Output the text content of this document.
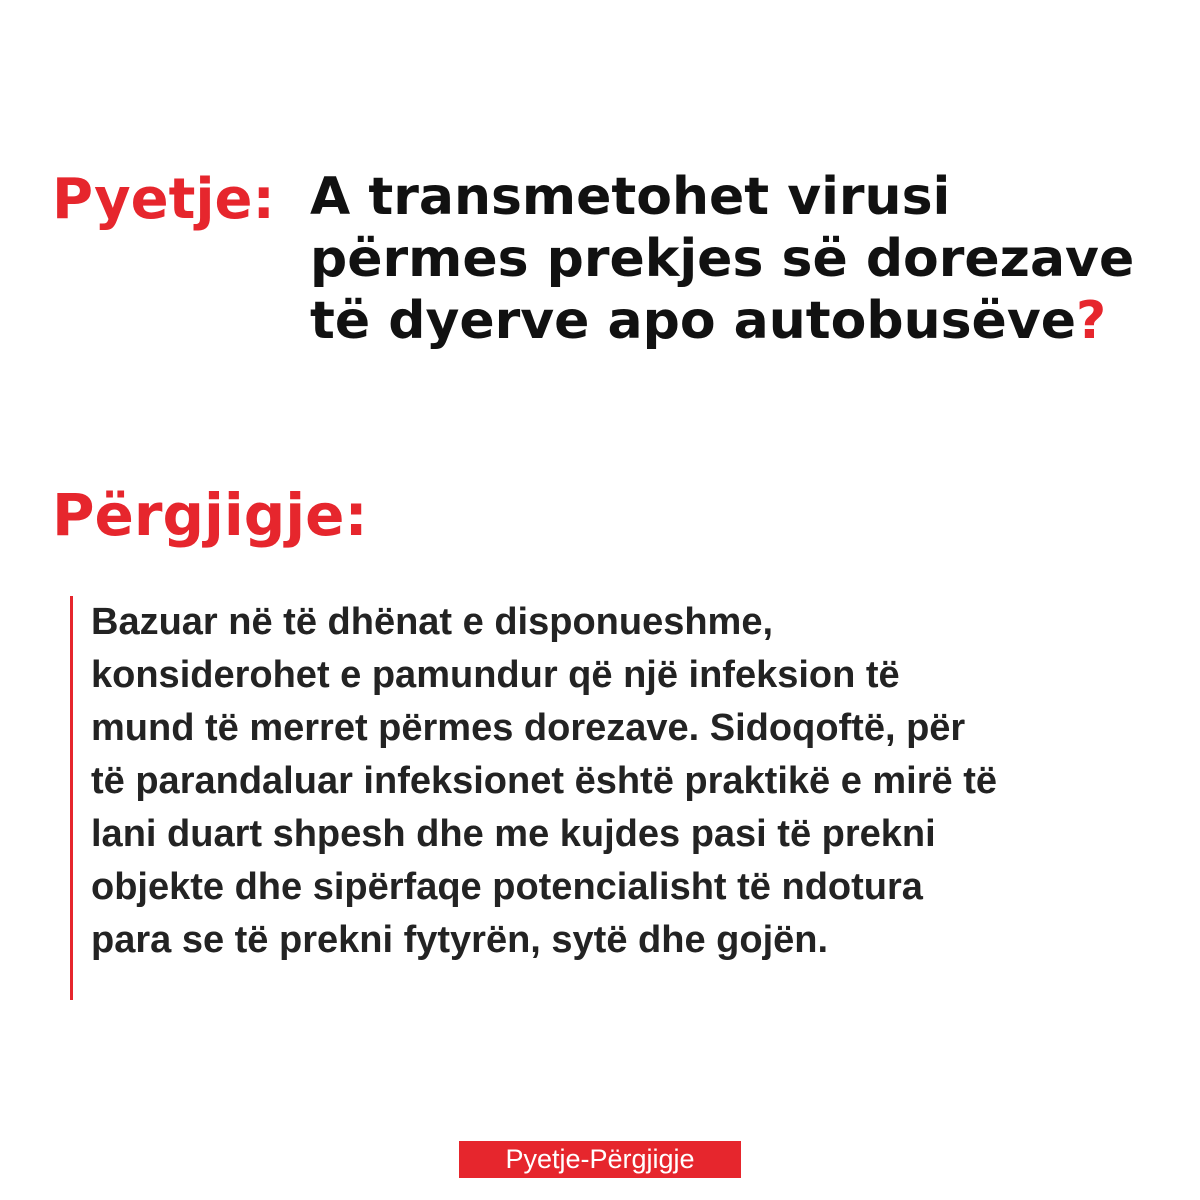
Pyetje: A transmetohet virusi
përmes prekjes së dorezave
të dyerve apo autobusëve?

Përgjigje:

Bazuar në të dhënat e disponueshme,
konsiderohet e pamundur që një infeksion të
mund të merret përmes dorezave. Sidoqoftë, për
të parandaluar infeksionet është praktikë e mirë të
lani duart shpesh dhe me kujdes pasi të prekni
objekte dhe sipërfaqe potencialisht të ndotura
para se të prekni fytyrën, sytë dhe gojën.

Pyetje-Përgjigje
